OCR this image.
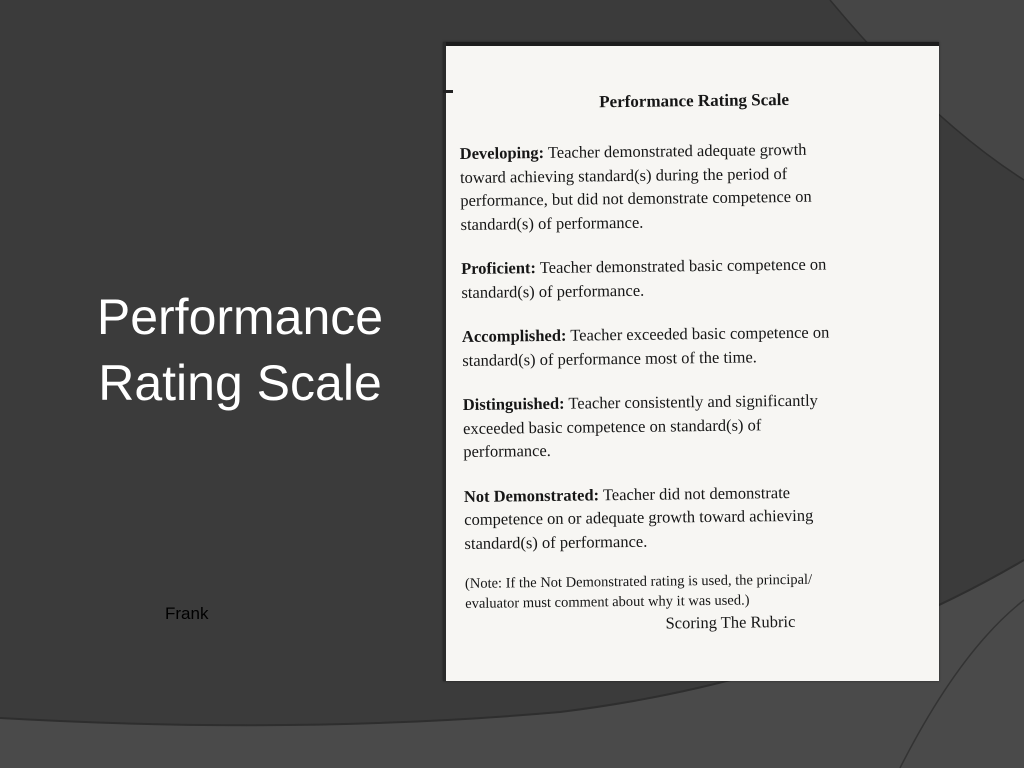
Performance
Rating Scale
Frank
Performance Rating Scale
Developing: Teacher demonstrated adequate growth
toward achieving standard(s) during the period of
performance, but did not demonstrate competence on
standard(s) of performance.
Proficient: Teacher demonstrated basic competence on
standard(s) of performance.
Accomplished: Teacher exceeded basic competence on
standard(s) of performance most of the time.
Distinguished: Teacher consistently and significantly
exceeded basic competence on standard(s) of
performance.
Not Demonstrated: Teacher did not demonstrate
competence on or adequate growth toward achieving
standard(s) of performance.
(Note: If the Not Demonstrated rating is used, the principal/
evaluator must comment about why it was used.)
Scoring The Rubric
